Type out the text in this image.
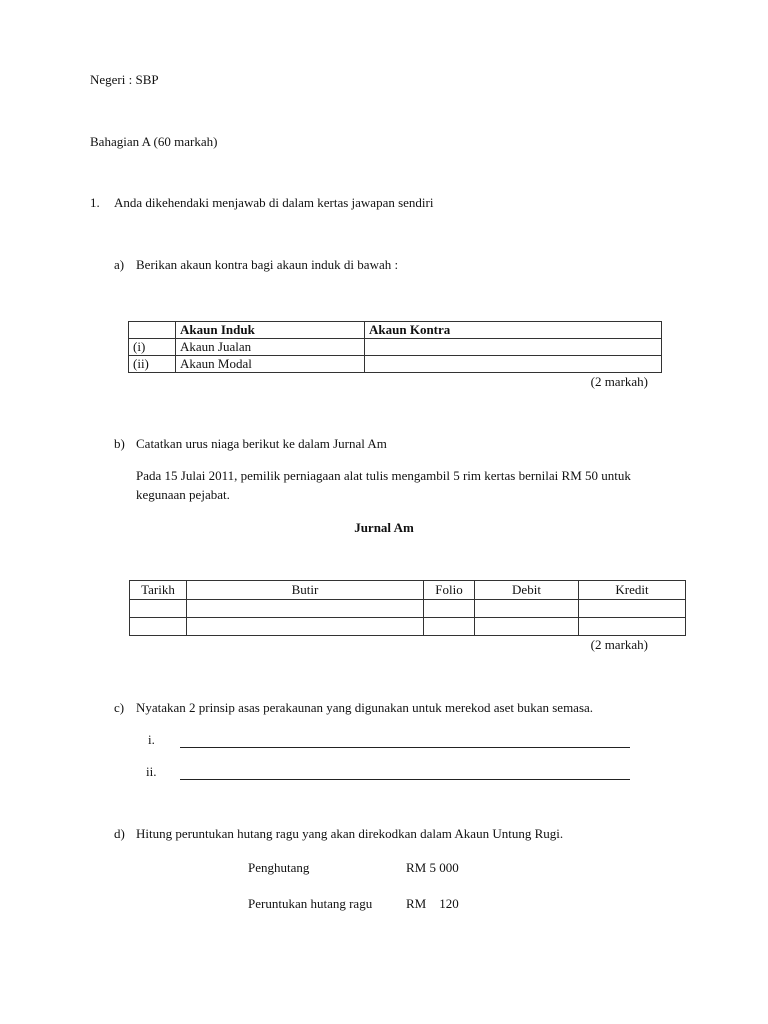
Negeri : SBP
Bahagian A (60 markah)
1. Anda dikehendaki menjawab di dalam kertas jawapan sendiri
a) Berikan akaun kontra bagi akaun induk di bawah :
	Akaun Induk	Akaun Kontra
(i)	Akaun Jualan	
(ii)	Akaun Modal	
(2 markah)
b) Catatkan urus niaga berikut ke dalam Jurnal Am
Pada 15 Julai 2011, pemilik perniagaan alat tulis mengambil 5 rim kertas bernilai RM 50 untuk
kegunaan pejabat.
Jurnal Am
Tarikh	Butir	Folio	Debit	Kredit

(2 markah)
c) Nyatakan 2 prinsip asas perakaunan yang digunakan untuk merekod aset bukan semasa.
i.
ii.
d) Hitung peruntukan hutang ragu yang akan direkodkan dalam Akaun Untung Rugi.
Penghutang	RM 5 000
Peruntukan hutang ragu	RM    120
